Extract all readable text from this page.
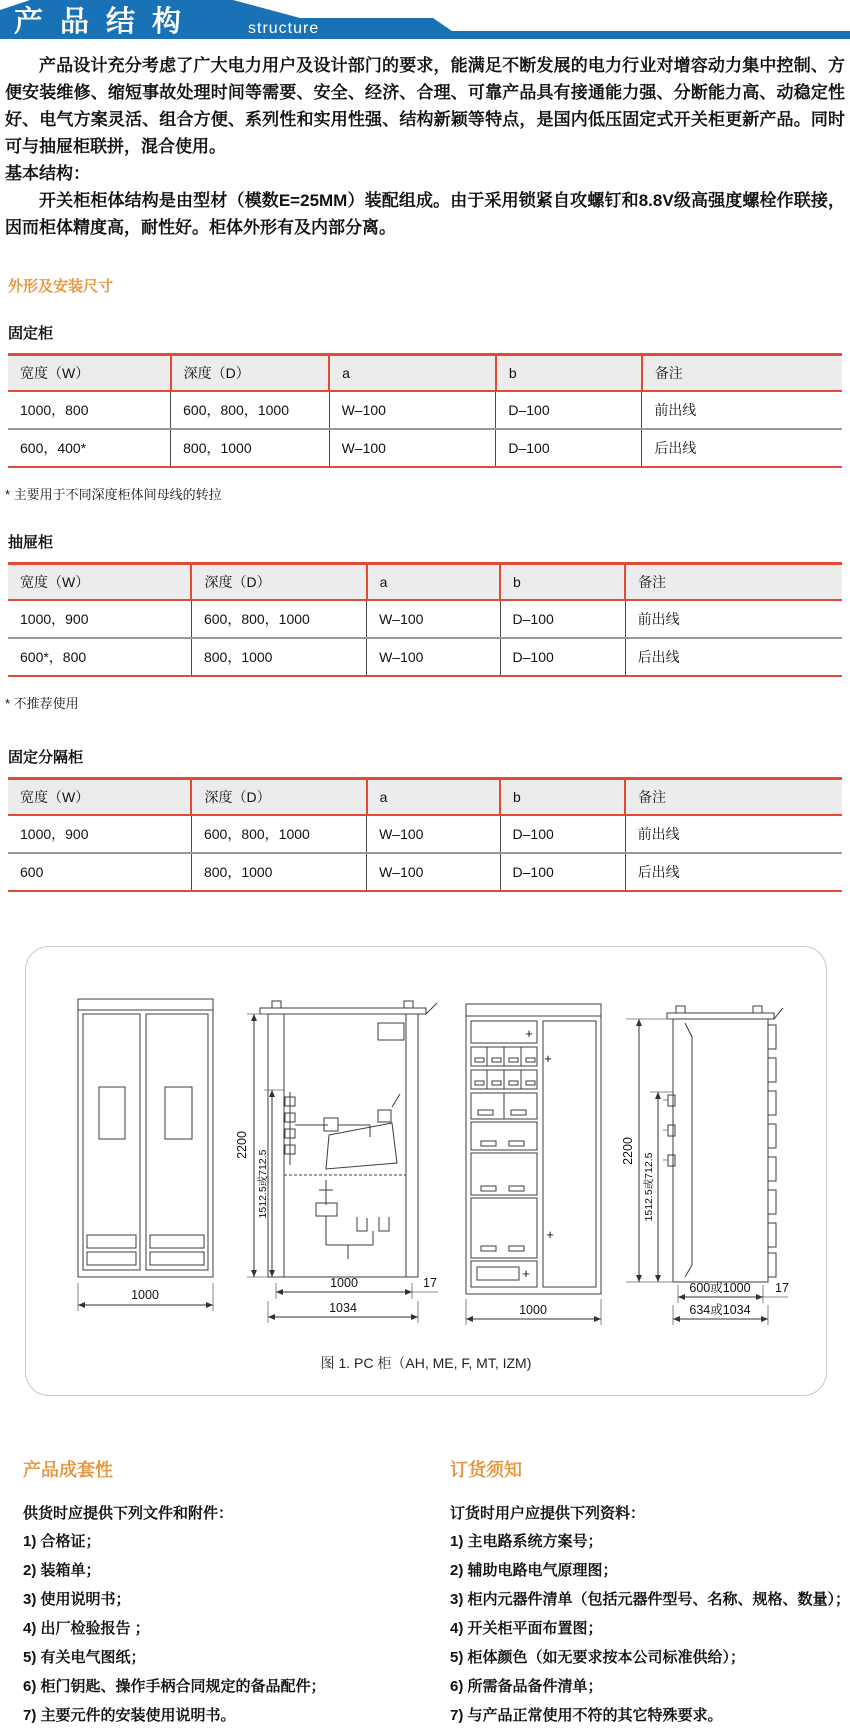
产品结构	structure

产品设计充分考虑了广大电力用户及设计部门的要求，能满足不断发展的电力行业对增容动力集中控制、方便安装维修、缩短事故处理时间等需要、安全、经济、合理、可靠产品具有接通能力强、分断能力高、动稳定性好、电气方案灵活、组合方便、系列性和实用性强、结构新颖等特点，是国内低压固定式开关柜更新产品。同时可与抽屉柜联拼，混合使用。

基本结构：

开关柜柜体结构是由型材（模数E=25MM）装配组成。由于采用锁紧自攻螺钉和8.8V级高强度螺栓作联接，因而柜体精度高，耐性好。柜体外形有及内部分离。

外形及安装尺寸
固定柜
宽度（W）	深度（D）	a	b	备注
1000，800	600，800，1000	W–100	D–100	前出线
600，400*	800，1000	W–100	D–100	后出线
* 主要用于不同深度柜体间母线的转拉
抽屉柜
宽度（W）	深度（D）	a	b	备注
1000，900	600，800，1000	W–100	D–100	前出线
600*，800	800，1000	W–100	D–100	后出线
* 不推荐使用
固定分隔柜
宽度（W）	深度（D）	a	b	备注
1000，900	600，800，1000	W–100	D–100	前出线
600	800，1000	W–100	D–100	后出线
1000
2200
1512.5或712.5
1000	17
1034
+
+
+
+
1000
2200
1512.5或712.5
600或1000 17
634或1034
图 1. PC 柜（AH, ME, F, MT, IZM)
产品成套性
供货时应提供下列文件和附件：
1) 合格证；
2) 装箱单；
3) 使用说明书；
4) 出厂检验报告 ；
5) 有关电气图纸；
6) 柜门钥匙、操作手柄合同规定的备品配件；
7) 主要元件的安装使用说明书。
订货须知
订货时用户应提供下列资料：
1) 主电路系统方案号；
2) 辅助电路电气原理图；
3) 柜内元器件清单（包括元器件型号、名称、规格、数量）；
4) 开关柜平面布置图；
5) 柜体颜色（如无要求按本公司标准供给）；
6) 所需备品备件清单；
7) 与产品正常使用不符的其它特殊要求。
